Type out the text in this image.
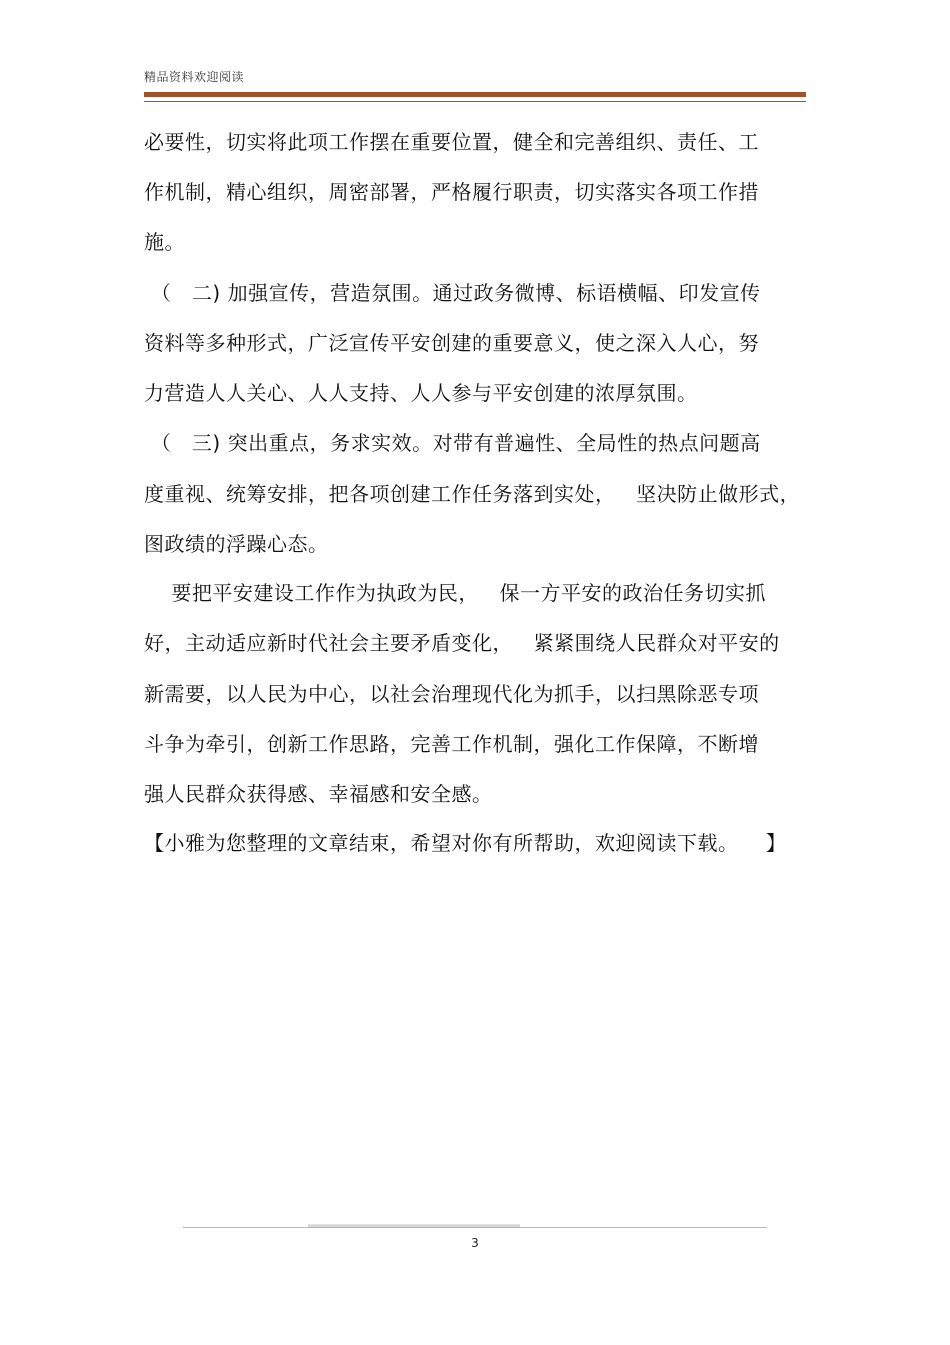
精品资料欢迎阅读
必要性，切实将此项工作摆在重要位置，健全和完善组织、责任、工
作机制，精心组织，周密部署，严格履行职责，切实落实各项工作措
施。
（   二) 加强宣传，营造氛围。通过政务微博、标语横幅、印发宣传
资料等多种形式，广泛宣传平安创建的重要意义，使之深入人心，努
力营造人人关心、人人支持、人人参与平安创建的浓厚氛围。
（   三) 突出重点，务求实效。对带有普遍性、全局性的热点问题高
度重视、统筹安排，把各项创建工作任务落到实处，   坚决防止做形式，
图政绩的浮躁心态。
要把平安建设工作作为执政为民，   保一方平安的政治任务切实抓
好，主动适应新时代社会主要矛盾变化，   紧紧围绕人民群众对平安的
新需要，以人民为中心，以社会治理现代化为抓手，以扫黑除恶专项
斗争为牵引，创新工作思路，完善工作机制，强化工作保障，不断增
强人民群众获得感、幸福感和安全感。
【小雅为您整理的文章结束，希望对你有所帮助，欢迎阅读下载。    】
3
